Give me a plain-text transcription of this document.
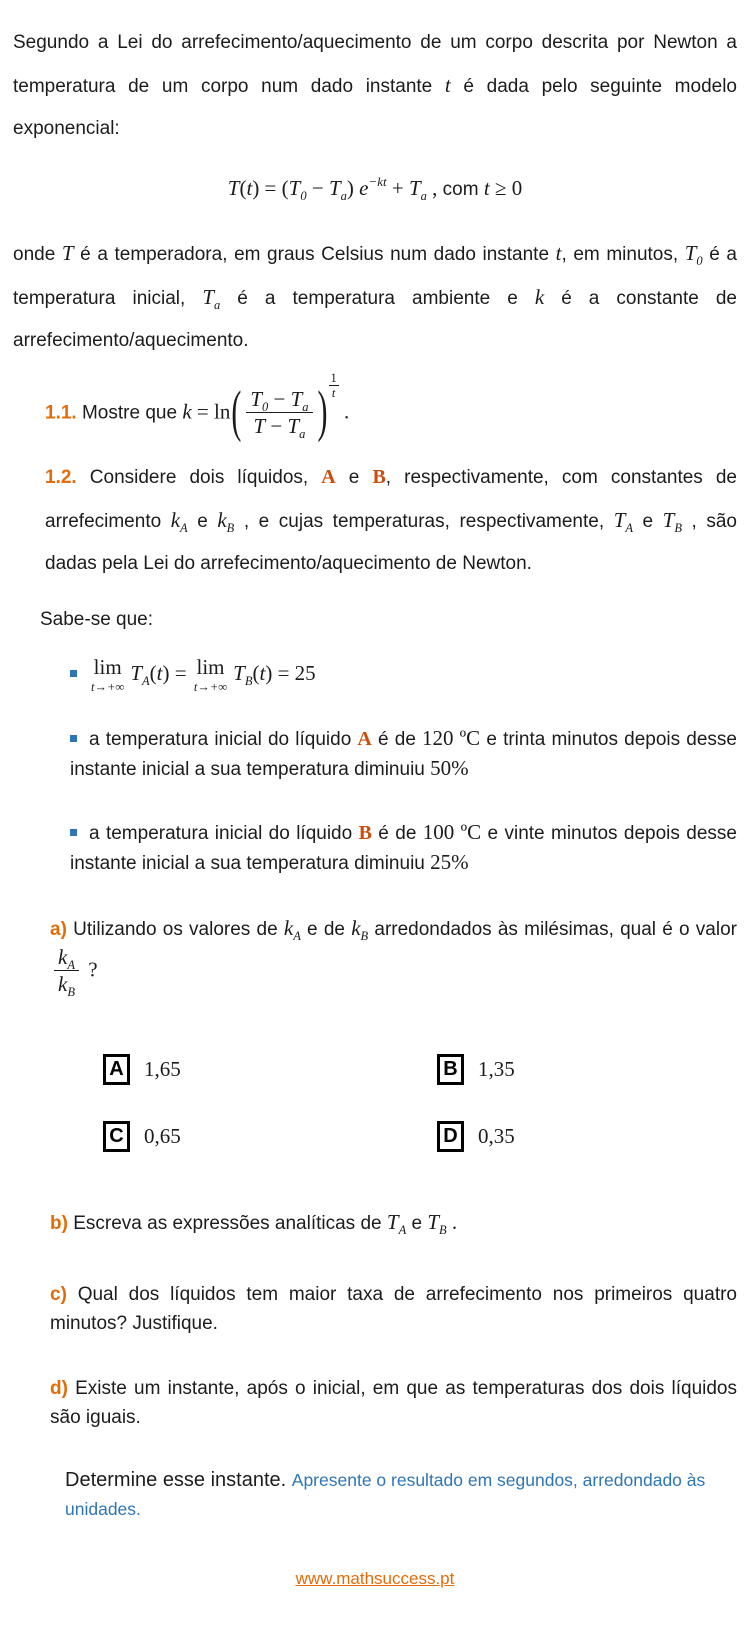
Segundo a Lei do arrefecimento/aquecimento de um corpo descrita por Newton a temperatura de um corpo num dado instante t é dada pelo seguinte modelo exponencial:

$T(t) = (T_0 - T_a) e^{-kt} + T_a$ , com t ≥ 0

onde T é a temperadora, em graus Celsius num dado instante t, em minutos, $T_0$ é a temperatura inicial, $T_a$ é a temperatura ambiente e k é a constante de arrefecimento/aquecimento.

1.1. Mostre que $k = \ln( \frac{T_0 - T_a}{T - T_a}$ ) $\frac{1}{t}$
.

1.2. Considere dois líquidos, A e B, respectivamente, com constantes de arrefecimento $k_A$ e $k_B$ , e cujas temperaturas, respectivamente, $T_A$ e $T_B$ , são dadas pela Lei do arrefecimento/aquecimento de Newton.

Sabe-se que:

lim
t→+∞
$T_A(t) = \lim$
t→+∞
$T_B(t) = 25$

a temperatura inicial do líquido A é de 120 ºC e trinta minutos depois desse instante inicial a sua temperatura diminuiu 50%

a temperatura inicial do líquido B é de 100 ºC e vinte minutos depois desse instante inicial a sua temperatura diminuiu 25%

a) Utilizando os valores de $k_A$ e de $k_B$ arredondados às milésimas, qual é o valor
$\frac{k_A}{k_B}$ ?

A 1,65	B 1,35
C 0,65	D 0,35

b) Escreva as expressões analíticas de $T_A$ e $T_B$ .

c) Qual dos líquidos tem maior taxa de arrefecimento nos primeiros quatro minutos? Justifique.

d) Existe um instante, após o inicial, em que as temperaturas dos dois líquidos são iguais.

Determine esse instante. Apresente o resultado em segundos, arredondado às unidades.

www.mathsuccess.pt
